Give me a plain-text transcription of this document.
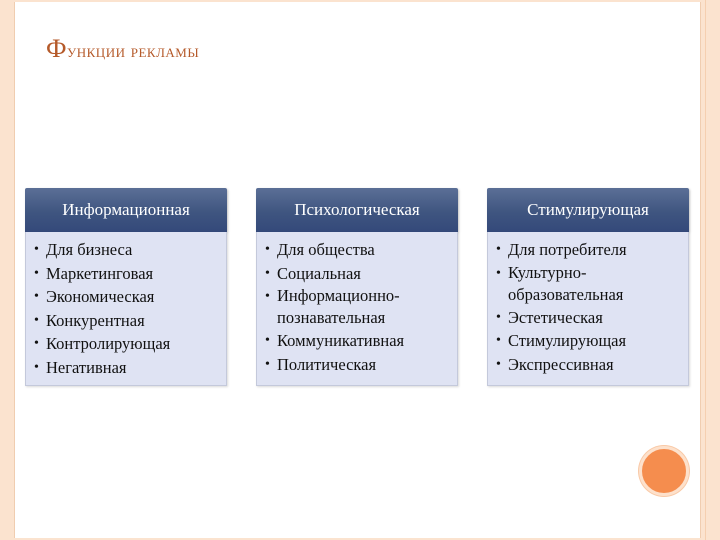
Функции рекламы
Информационная
• Для бизнеса
• Маркетинговая
• Экономическая
• Конкурентная
• Контролирующая
• Негативная
Психологическая
• Для общества
• Социальная
• Информационно-познавательная
• Коммуникативная
• Политическая
Стимулирующая
• Для потребителя
• Культурно-образовательная
• Эстетическая
• Стимулирующая
• Экспрессивная
